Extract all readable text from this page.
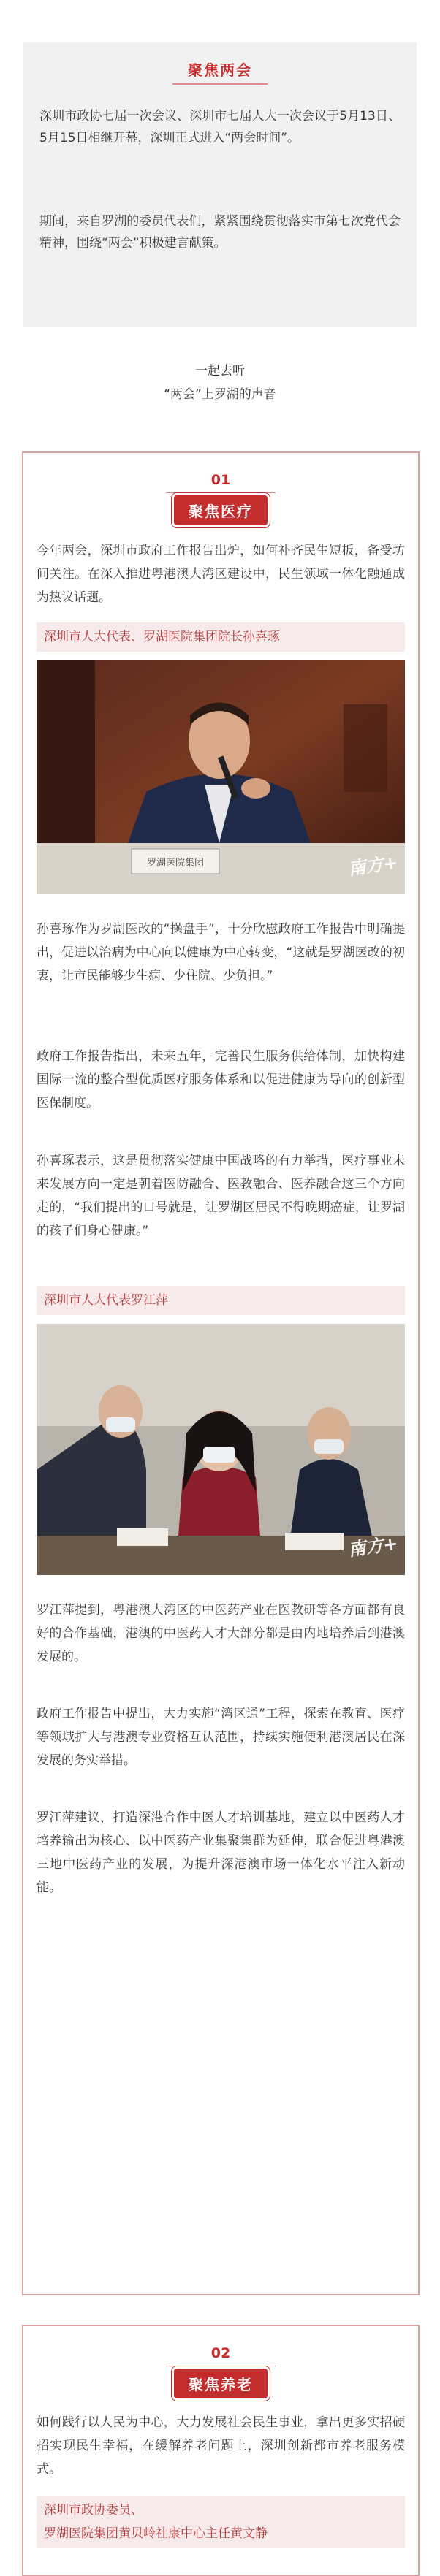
聚焦两会

深圳市政协七届一次会议、深圳市七届人大一次会议于5月13日、5月15日相继开幕，深圳正式进入“两会时间”。

期间，来自罗湖的委员代表们，紧紧围绕贯彻落实市第七次党代会精神，围绕“两会”积极建言献策。

一起去听
“两会”上罗湖的声音
01
聚焦医疗

今年两会，深圳市政府工作报告出炉，如何补齐民生短板，备受坊间关注。在深入推进粤港澳大湾区建设中，民生领域一体化融通成为热议话题。

深圳市人大代表、罗湖医院集团院长孙喜琢
罗湖医院集团	南方+

孙喜琢作为罗湖医改的“操盘手”，十分欣慰政府工作报告中明确提出，促进以治病为中心向以健康为中心转变，“这就是罗湖医改的初衷，让市民能够少生病、少住院、少负担。”

政府工作报告指出，未来五年，完善民生服务供给体制，加快构建国际一流的整合型优质医疗服务体系和以促进健康为导向的创新型医保制度。

孙喜琢表示，这是贯彻落实健康中国战略的有力举措，医疗事业未来发展方向一定是朝着医防融合、医教融合、医养融合这三个方向走的，“我们提出的口号就是，让罗湖区居民不得晚期癌症，让罗湖的孩子们身心健康。”

深圳市人大代表罗江萍
南方+

罗江萍提到，粤港澳大湾区的中医药产业在医教研等各方面都有良好的合作基础，港澳的中医药人才大部分都是由内地培养后到港澳发展的。

政府工作报告中提出，大力实施“湾区通”工程，探索在教育、医疗等领域扩大与港澳专业资格互认范围，持续实施便利港澳居民在深发展的务实举措。

罗江萍建议，打造深港合作中医人才培训基地，建立以中医药人才培养输出为核心、以中医药产业集聚集群为延伸，联合促进粤港澳三地中医药产业的发展，为提升深港澳市场一体化水平注入新动能。

02
聚焦养老

如何践行以人民为中心，大力发展社会民生事业，拿出更多实招硬招实现民生幸福，在缓解养老问题上，深圳创新都市养老服务模式。

深圳市政协委员、
罗湖医院集团黄贝岭社康中心主任黄文静
